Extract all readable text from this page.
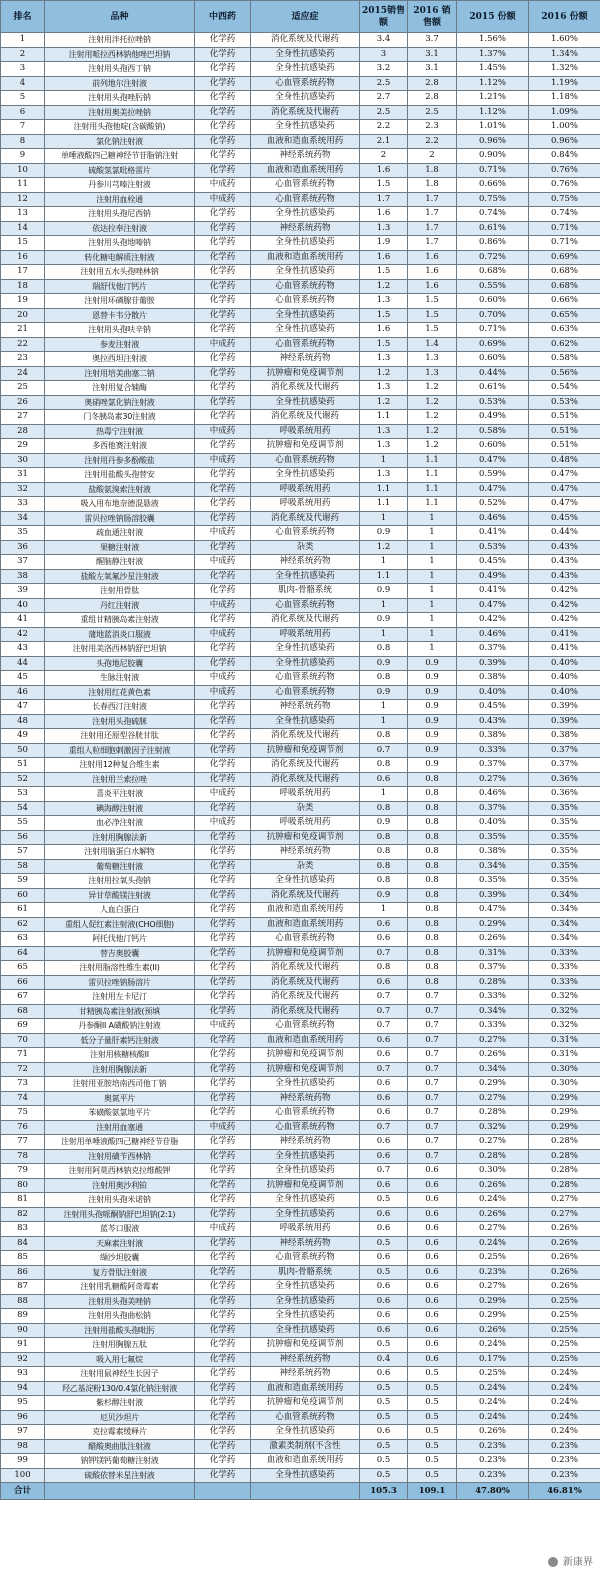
排名	品种	中西药	适应症	2015销售额	2016 销售额	2015 份额	2016 份额
1	注射用泮托拉唑钠	化学药	消化系统及代谢药	3.4	3.7	1.56%	1.60%
2	注射用哌拉西林钠他唑巴坦钠	化学药	全身性抗感染药	3	3.1	1.37%	1.34%
3	注射用头孢西丁钠	化学药	全身性抗感染药	3.2	3.1	1.45%	1.32%
4	前列地尔注射液	化学药	心血管系统药物	2.5	2.8	1.12%	1.19%
5	注射用头孢唑肟钠	化学药	全身性抗感染药	2.7	2.8	1.21%	1.18%
6	注射用奥美拉唑钠	化学药	消化系统及代谢药	2.5	2.5	1.12%	1.09%
7	注射用头孢他啶(含碳酸钠)	化学药	全身性抗感染药	2.2	2.3	1.01%	1.00%
8	氯化钠注射液	化学药	血液和造血系统用药	2.1	2.2	0.96%	0.96%
9	单唾液酸四己糖神经节苷脂钠注射	化学药	神经系统药物	2	2	0.90%	0.84%
10	硫酸氢氯吡格雷片	化学药	血液和造血系统用药	1.6	1.8	0.71%	0.76%
11	丹参川芎嗪注射液	中成药	心血管系统药物	1.5	1.8	0.66%	0.76%
12	注射用血栓通	中成药	心血管系统药物	1.7	1.7	0.75%	0.75%
13	注射用头孢尼西钠	化学药	全身性抗感染药	1.6	1.7	0.74%	0.74%
14	依达拉奉注射液	化学药	神经系统药物	1.3	1.7	0.61%	0.71%
15	注射用头孢地嗪钠	化学药	全身性抗感染药	1.9	1.7	0.86%	0.71%
16	转化糖电解质注射液	化学药	血液和造血系统用药	1.6	1.6	0.72%	0.69%
17	注射用五水头孢唑林钠	化学药	全身性抗感染药	1.5	1.6	0.68%	0.68%
18	瑞舒伐他汀钙片	化学药	心血管系统药物	1.2	1.6	0.55%	0.68%
19	注射用环磷腺苷葡胺	化学药	心血管系统药物	1.3	1.5	0.60%	0.66%
20	恩替卡韦分散片	化学药	全身性抗感染药	1.5	1.5	0.70%	0.65%
21	注射用头孢呋辛钠	化学药	全身性抗感染药	1.6	1.5	0.71%	0.63%
22	参麦注射液	中成药	心血管系统药物	1.5	1.4	0.69%	0.62%
23	奥拉西坦注射液	化学药	神经系统药物	1.3	1.3	0.60%	0.58%
24	注射用培美曲塞二钠	化学药	抗肿瘤和免疫调节剂	1.2	1.3	0.44%	0.56%
25	注射用复合辅酶	化学药	消化系统及代谢药	1.3	1.2	0.61%	0.54%
26	奥硝唑氯化钠注射液	化学药	全身性抗感染药	1.2	1.2	0.53%	0.53%
27	门冬胰岛素30注射液	化学药	消化系统及代谢药	1.1	1.2	0.49%	0.51%
28	热毒宁注射液	中成药	呼吸系统用药	1.3	1.2	0.58%	0.51%
29	多西他赛注射液	化学药	抗肿瘤和免疫调节剂	1.3	1.2	0.60%	0.51%
30	注射用丹参多酚酸盐	中成药	心血管系统药物	1	1.1	0.47%	0.48%
31	注射用盐酸头孢替安	化学药	全身性抗感染药	1.3	1.1	0.59%	0.47%
32	盐酸氨溴索注射液	化学药	呼吸系统用药	1.1	1.1	0.47%	0.47%
33	吸入用布地奈德混悬液	化学药	呼吸系统用药	1.1	1.1	0.52%	0.47%
34	雷贝拉唑钠肠溶胶囊	化学药	消化系统及代谢药	1	1	0.46%	0.45%
35	疏血通注射液	中成药	心血管系统药物	0.9	1	0.41%	0.44%
36	果糖注射液	化学药	杂类	1.2	1	0.53%	0.43%
37	醒脑静注射液	中成药	神经系统药物	1	1	0.45%	0.43%
38	盐酸左氧氟沙星注射液	化学药	全身性抗感染药	1.1	1	0.49%	0.43%
39	注射用骨肽	化学药	肌肉-骨骼系统	0.9	1	0.41%	0.42%
40	丹红注射液	中成药	心血管系统药物	1	1	0.47%	0.42%
41	重组甘精胰岛素注射液	化学药	消化系统及代谢药	0.9	1	0.42%	0.42%
42	蒲地蓝消炎口服液	中成药	呼吸系统用药	1	1	0.46%	0.41%
43	注射用美洛西林钠舒巴坦钠	化学药	全身性抗感染药	0.8	1	0.37%	0.41%
44	头孢地尼胶囊	化学药	全身性抗感染药	0.9	0.9	0.39%	0.40%
45	生脉注射液	中成药	心血管系统药物	0.8	0.9	0.38%	0.40%
46	注射用红花黄色素	中成药	心血管系统药物	0.9	0.9	0.40%	0.40%
47	长春西汀注射液	化学药	神经系统药物	1	0.9	0.45%	0.39%
48	注射用头孢硫脒	化学药	全身性抗感染药	1	0.9	0.43%	0.39%
49	注射用还原型谷胱甘肽	化学药	消化系统及代谢药	0.8	0.9	0.38%	0.38%
50	重组人粒细胞刺激因子注射液	化学药	抗肿瘤和免疫调节剂	0.7	0.9	0.33%	0.37%
51	注射用12种复合维生素	化学药	消化系统及代谢药	0.8	0.9	0.37%	0.37%
52	注射用兰索拉唑	化学药	消化系统及代谢药	0.6	0.8	0.27%	0.36%
53	喜炎平注射液	中成药	呼吸系统用药	1	0.8	0.46%	0.36%
54	碘海醇注射液	化学药	杂类	0.8	0.8	0.37%	0.35%
55	血必净注射液	中成药	呼吸系统用药	0.9	0.8	0.40%	0.35%
56	注射用胸腺法新	化学药	抗肿瘤和免疫调节剂	0.8	0.8	0.35%	0.35%
57	注射用脑蛋白水解物	化学药	神经系统药物	0.8	0.8	0.38%	0.35%
58	葡萄糖注射液	化学药	杂类	0.8	0.8	0.34%	0.35%
59	注射用拉氧头孢钠	化学药	全身性抗感染药	0.8	0.8	0.35%	0.35%
60	异甘草酸镁注射液	化学药	消化系统及代谢药	0.9	0.8	0.39%	0.34%
61	人血白蛋白	化学药	血液和造血系统用药	1	0.8	0.47%	0.34%
62	重组人促红素注射液(CHO细胞)	化学药	血液和造血系统用药	0.6	0.8	0.29%	0.34%
63	阿托伐他汀钙片	化学药	心血管系统药物	0.6	0.8	0.26%	0.34%
64	替吉奥胶囊	化学药	抗肿瘤和免疫调节剂	0.7	0.8	0.31%	0.33%
65	注射用脂溶性维生素(II)	化学药	消化系统及代谢药	0.8	0.8	0.37%	0.33%
66	雷贝拉唑钠肠溶片	化学药	消化系统及代谢药	0.6	0.8	0.28%	0.33%
67	注射用左卡尼汀	化学药	消化系统及代谢药	0.7	0.7	0.33%	0.32%
68	甘精胰岛素注射液(预填	化学药	消化系统及代谢药	0.7	0.7	0.34%	0.32%
69	丹参酮II A磺酸钠注射液	中成药	心血管系统药物	0.7	0.7	0.33%	0.32%
70	低分子量肝素钙注射液	化学药	血液和造血系统用药	0.6	0.7	0.27%	0.31%
71	注射用核糖核酸II	化学药	抗肿瘤和免疫调节剂	0.6	0.7	0.26%	0.31%
72	注射用胸腺法新	化学药	抗肿瘤和免疫调节剂	0.7	0.7	0.34%	0.30%
73	注射用亚胺培南西司他丁钠	化学药	全身性抗感染药	0.6	0.7	0.29%	0.30%
74	奥氮平片	化学药	神经系统药物	0.6	0.7	0.27%	0.29%
75	苯磺酸氨氯地平片	化学药	心血管系统药物	0.6	0.7	0.28%	0.29%
76	注射用血塞通	中成药	心血管系统药物	0.7	0.7	0.32%	0.29%
77	注射用单唾液酸四己糖神经节苷脂	化学药	神经系统药物	0.6	0.7	0.27%	0.28%
78	注射用磺苄西林钠	化学药	全身性抗感染药	0.6	0.7	0.28%	0.28%
79	注射用阿莫西林钠克拉维酸钾	化学药	全身性抗感染药	0.7	0.6	0.30%	0.28%
80	注射用奥沙利铂	化学药	抗肿瘤和免疫调节剂	0.6	0.6	0.26%	0.28%
81	注射用头孢米诺钠	化学药	全身性抗感染药	0.5	0.6	0.24%	0.27%
82	注射用头孢哌酮钠舒巴坦钠(2:1)	化学药	全身性抗感染药	0.6	0.6	0.26%	0.27%
83	蓝芩口服液	中成药	呼吸系统用药	0.6	0.6	0.27%	0.26%
84	天麻素注射液	化学药	神经系统药物	0.5	0.6	0.24%	0.26%
85	缬沙坦胶囊	化学药	心血管系统药物	0.6	0.6	0.25%	0.26%
86	复方骨肽注射液	化学药	肌肉-骨骼系统	0.5	0.6	0.23%	0.26%
87	注射用乳糖酸阿奇霉素	化学药	全身性抗感染药	0.6	0.6	0.27%	0.26%
88	注射用头孢美唑钠	化学药	全身性抗感染药	0.6	0.6	0.29%	0.25%
89	注射用头孢曲松钠	化学药	全身性抗感染药	0.6	0.6	0.29%	0.25%
90	注射用盐酸头孢吡肟	化学药	全身性抗感染药	0.6	0.6	0.26%	0.25%
91	注射用胸腺五肽	化学药	抗肿瘤和免疫调节剂	0.5	0.6	0.24%	0.25%
92	吸入用七氟烷	化学药	神经系统药物	0.4	0.6	0.17%	0.25%
93	注射用鼠神经生长因子	化学药	神经系统药物	0.6	0.5	0.25%	0.24%
94	羟乙基淀粉130/0.4氯化钠注射液	化学药	血液和造血系统用药	0.5	0.5	0.24%	0.24%
95	紫杉醇注射液	化学药	抗肿瘤和免疫调节剂	0.5	0.5	0.24%	0.24%
96	厄贝沙坦片	化学药	心血管系统药物	0.5	0.5	0.24%	0.24%
97	克拉霉素缓释片	化学药	全身性抗感染药	0.6	0.5	0.26%	0.24%
98	醋酸奥曲肽注射液	化学药	激素类制剂(不含性	0.5	0.5	0.23%	0.23%
99	钠钾镁钙葡萄糖注射液	化学药	血液和造血系统用药	0.5	0.5	0.23%	0.23%
100	硫酸依替米星注射液	化学药	全身性抗感染药	0.5	0.5	0.23%	0.23%
合计				105.3	109.1	47.80%	46.81%
新康界
